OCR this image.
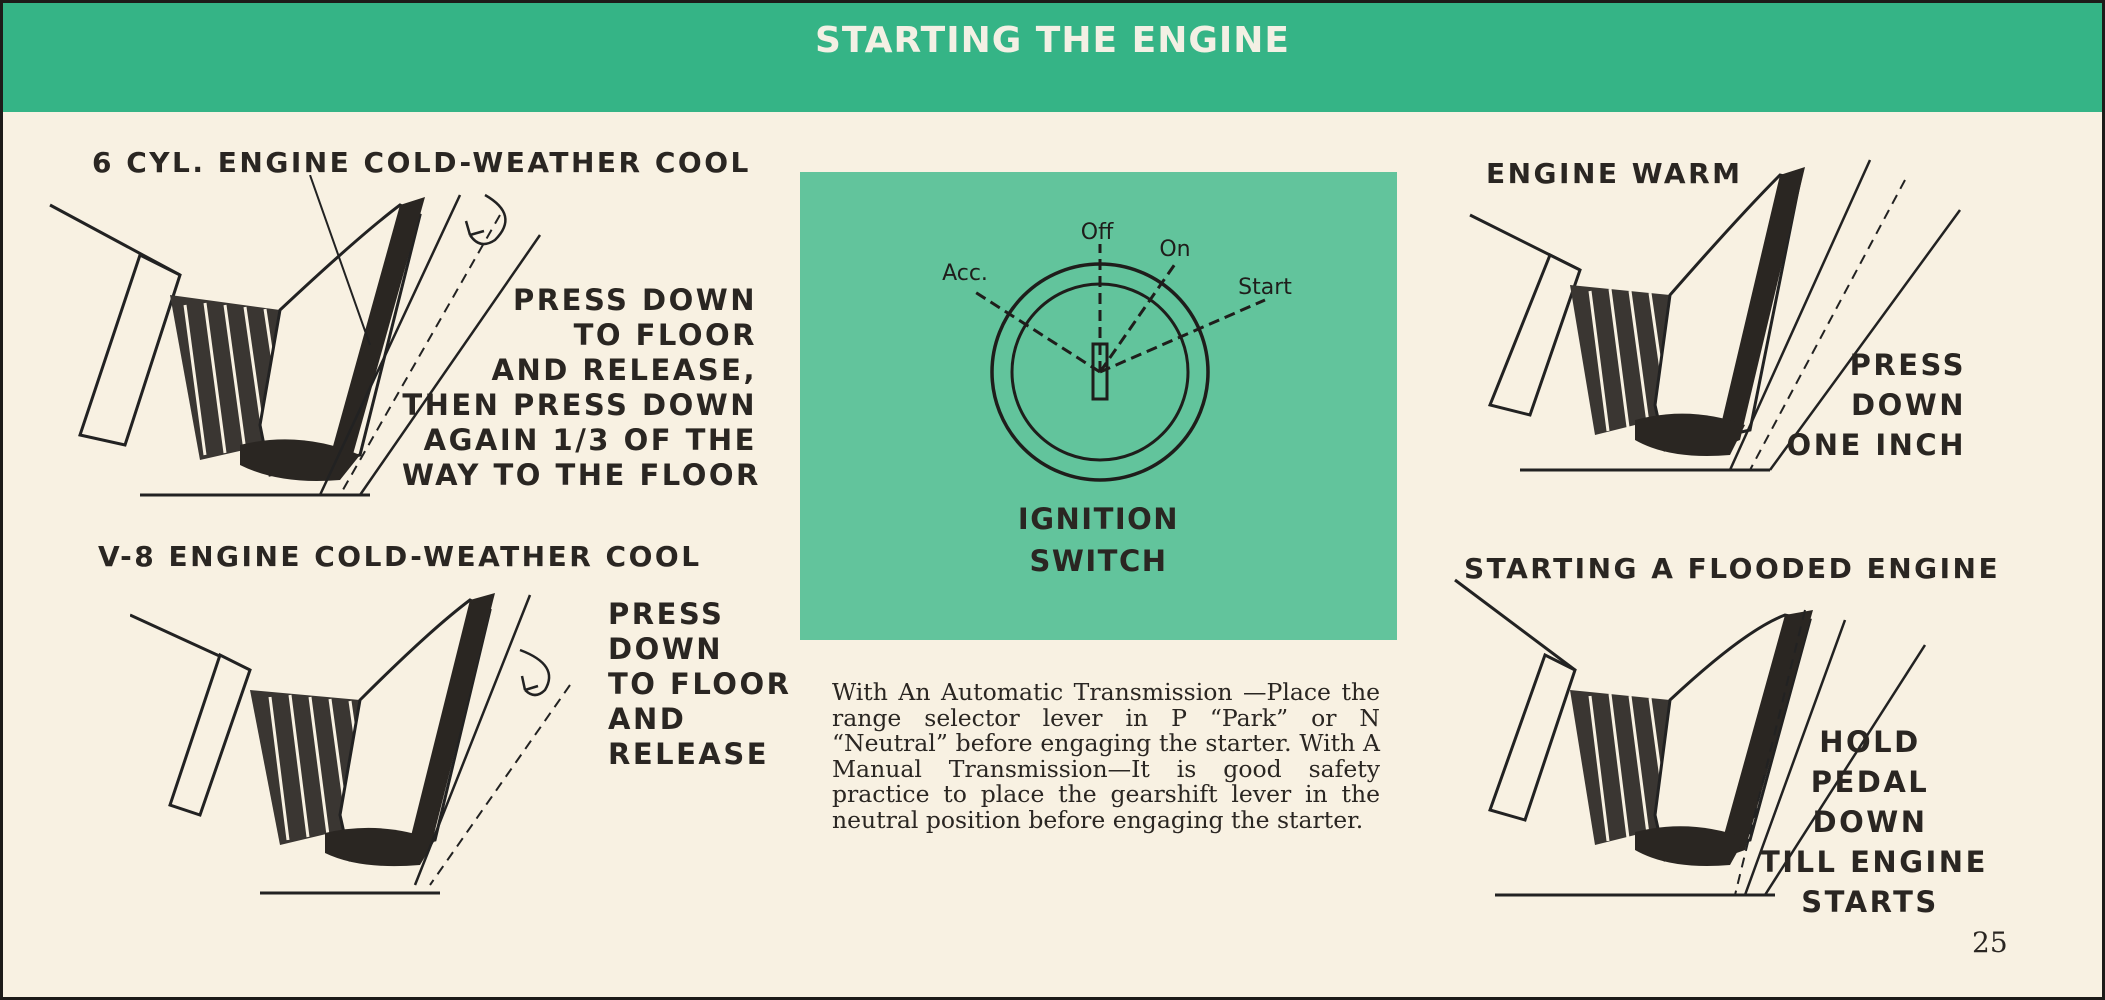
STARTING THE ENGINE
6 CYL. ENGINE COLD-WEATHER COOL
PRESS DOWN
TO FLOOR
AND RELEASE,
THEN PRESS DOWN
AGAIN 1/3 OF THE
WAY TO THE FLOOR
V-8 ENGINE COLD-WEATHER COOL
PRESS
DOWN
TO FLOOR
AND
RELEASE
Acc.
Off
On
Start
IGNITION
SWITCH
With An Automatic Transmission —Place the range selector lever in P “Park” or N “Neutral” before engaging the starter. With A Manual Transmission—It is good safety practice to place the gearshift lever in the neutral position before engaging the starter.
ENGINE WARM
PRESS
DOWN
ONE INCH
STARTING A FLOODED ENGINE
HOLD
PEDAL
DOWN
TILL ENGINE
STARTS
25
